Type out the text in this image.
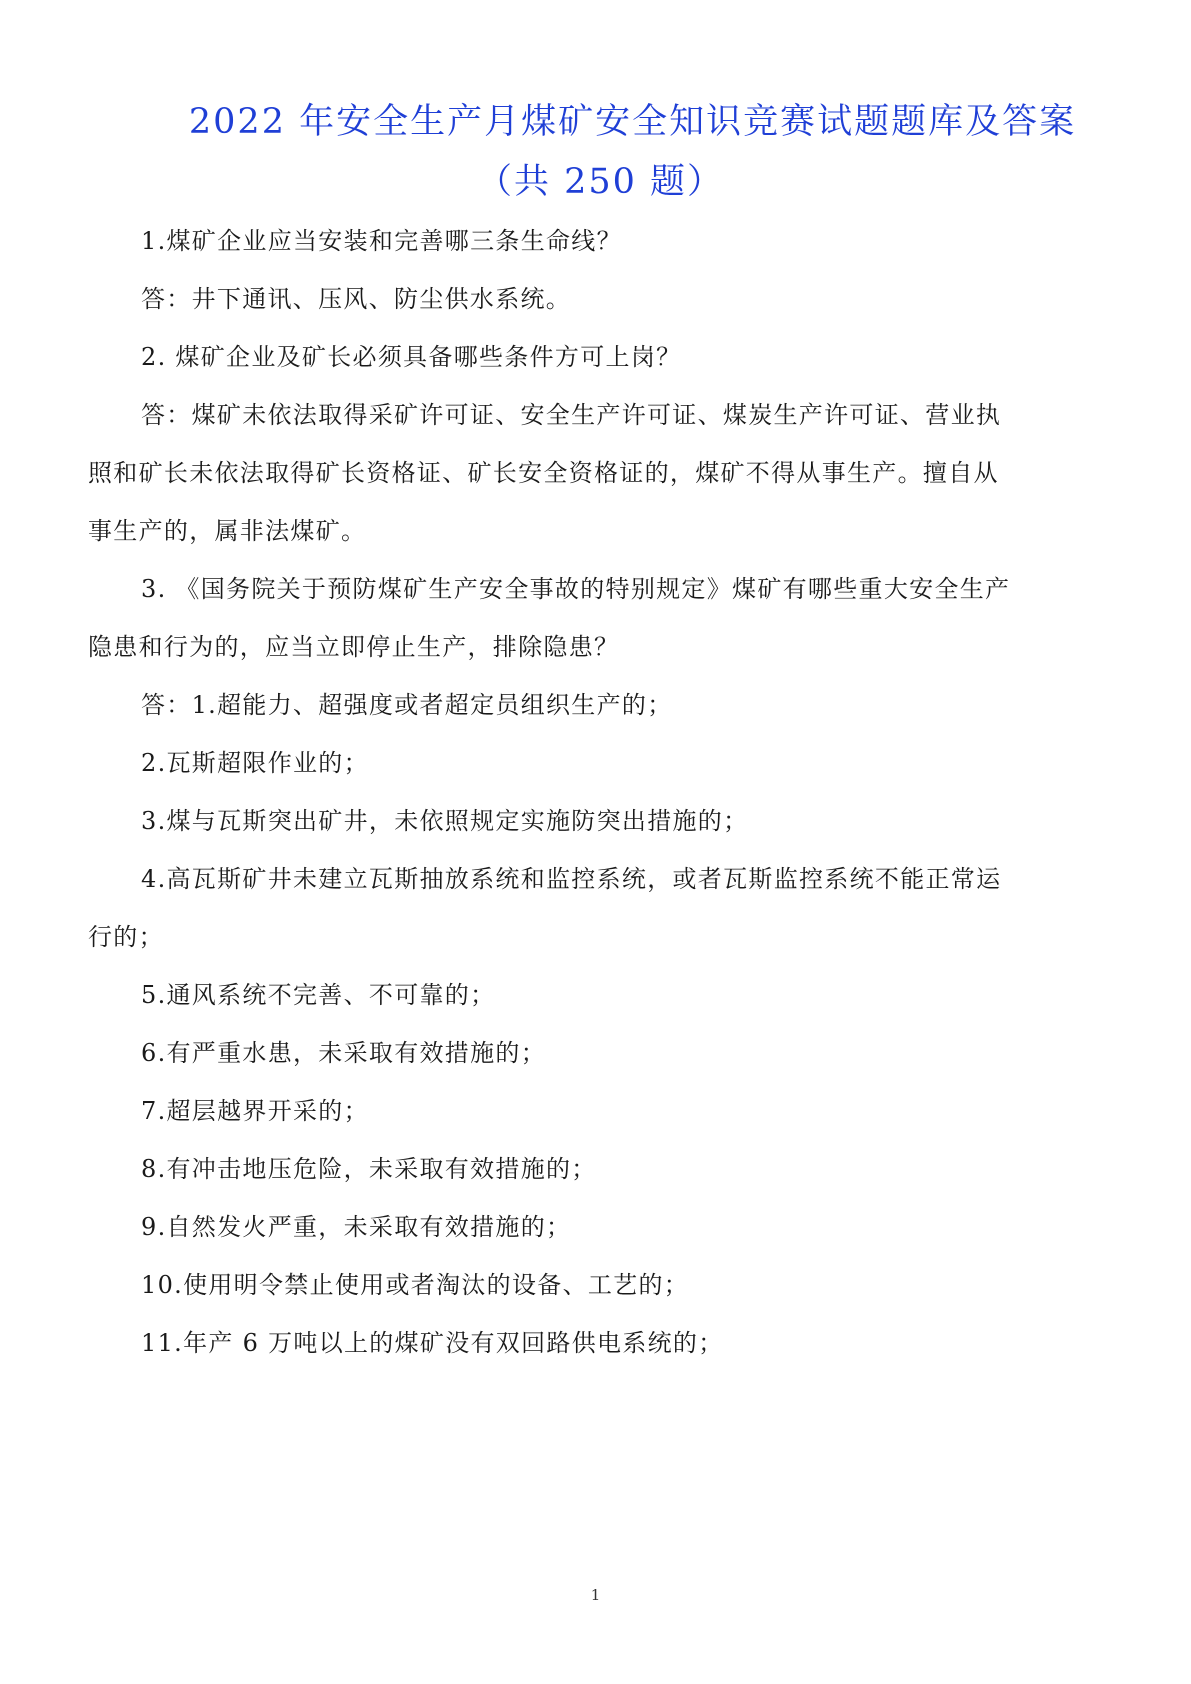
2022 年安全生产月煤矿安全知识竞赛试题题库及答案
（共 250 题）
1.煤矿企业应当安装和完善哪三条生命线？
答：井下通讯、压风、防尘供水系统。
2. 煤矿企业及矿长必须具备哪些条件方可上岗？
答：煤矿未依法取得采矿许可证、安全生产许可证、煤炭生产许可证、营业执
照和矿长未依法取得矿长资格证、矿长安全资格证的，煤矿不得从事生产。擅自从
事生产的，属非法煤矿。
3. 《国务院关于预防煤矿生产安全事故的特别规定》煤矿有哪些重大安全生产
隐患和行为的，应当立即停止生产，排除隐患？
答：1.超能力、超强度或者超定员组织生产的；
2.瓦斯超限作业的；
3.煤与瓦斯突出矿井，未依照规定实施防突出措施的；
4.高瓦斯矿井未建立瓦斯抽放系统和监控系统，或者瓦斯监控系统不能正常运
行的；
5.通风系统不完善、不可靠的；
6.有严重水患，未采取有效措施的；
7.超层越界开采的；
8.有冲击地压危险，未采取有效措施的；
9.自然发火严重，未采取有效措施的；
10.使用明令禁止使用或者淘汰的设备、工艺的；
11.年产 6 万吨以上的煤矿没有双回路供电系统的；
1
